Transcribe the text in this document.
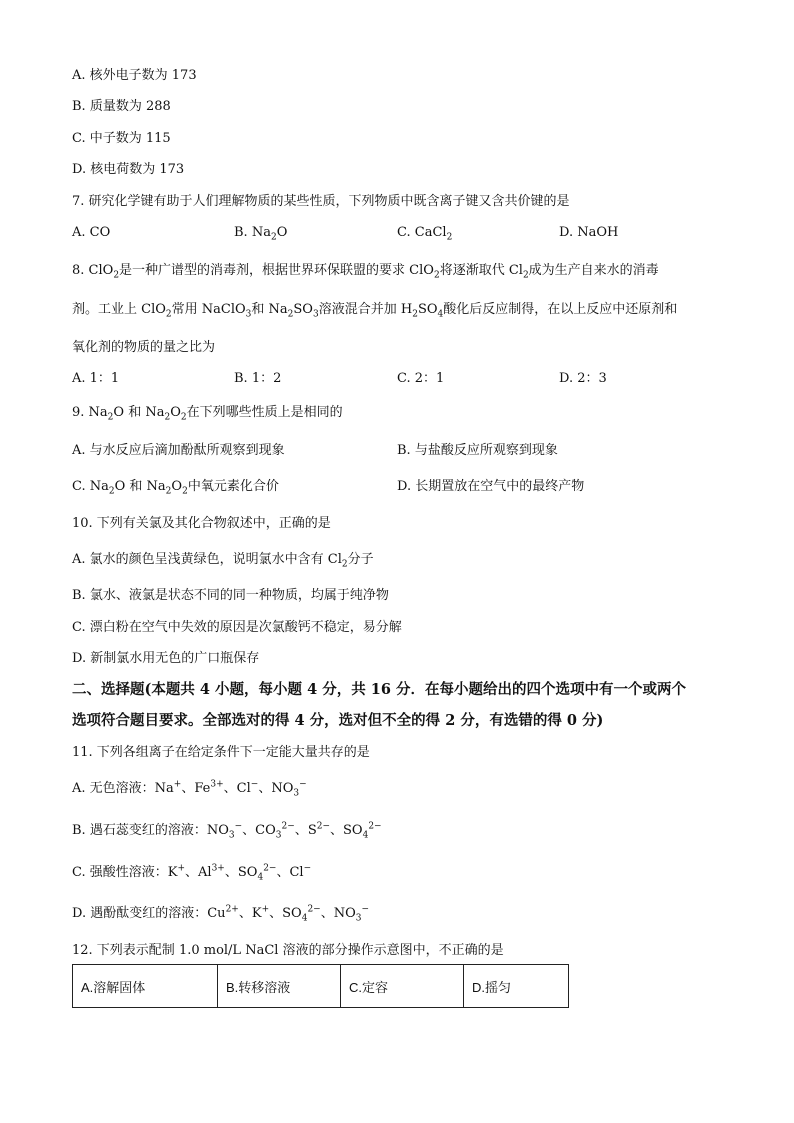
A. 核外电子数为 173
B. 质量数为 288
C. 中子数为 115
D. 核电荷数为 173
7. 研究化学键有助于人们理解物质的某些性质，下列物质中既含离子键又含共价键的是
A. CO	B. $Na_2O$	C. CaCl$_2$	D. NaOH
8. ClO$_2$是一种广谱型的消毒剂，根据世界环保联盟的要求 ClO$_2$将逐渐取代 $Cl_2$成为生产自来水的消毒
剂。工业上 ClO$_2$常用 NaClO$_3$和 $Na_2SO_3$溶液混合并加 $H_2SO_4$酸化后反应制得，在以上反应中还原剂和
氧化剂的物质的量之比为
A. 1：1	B. 1：2	C. 2：1	D. 2：3
9. $Na_2O$ 和 $Na_2O_2$在下列哪些性质上是相同的
A. 与水反应后滴加酚酞所观察到现象	B. 与盐酸反应所观察到现象
C. $Na_2O$ 和 $Na_2O_2$中氧元素化合价	D. 长期置放在空气中的最终产物
10. 下列有关氯及其化合物叙述中，正确的是
A. 氯水的颜色呈浅黄绿色，说明氯水中含有 $Cl_2$分子
B. 氯水、液氯是状态不同的同一种物质，均属于纯净物
C. 漂白粉在空气中失效的原因是次氯酸钙不稳定，易分解
D. 新制氯水用无色的广口瓶保存
二、选择题(本题共 4 小题，每小题 4 分，共 16 分．在每小题给出的四个选项中有一个或两个
选项符合题目要求。全部选对的得 4 分，选对但不全的得 2 分，有选错的得 0 分)
11. 下列各组离子在给定条件下一定能大量共存的是
A. 无色溶液：Na+、$Fe^{3+}$、Cl−、$NO_3^-$
B. 遇石蕊变红的溶液：$NO_3^-$、$CO_3^{2-}$、$S^{2-}$、$SO_4^{2-}$
C. 强酸性溶液：K+、$Al^{3+}$、$SO_4^{2-}$、Cl−
D. 遇酚酞变红的溶液：$Cu^{2+}$、K+、$SO_4^{2-}$、$NO_3^-$
12. 下列表示配制 1.0 mol/L NaCl 溶液的部分操作示意图中，不正确的是
A.溶解固体	B.转移溶液	C.定容	D.摇匀
